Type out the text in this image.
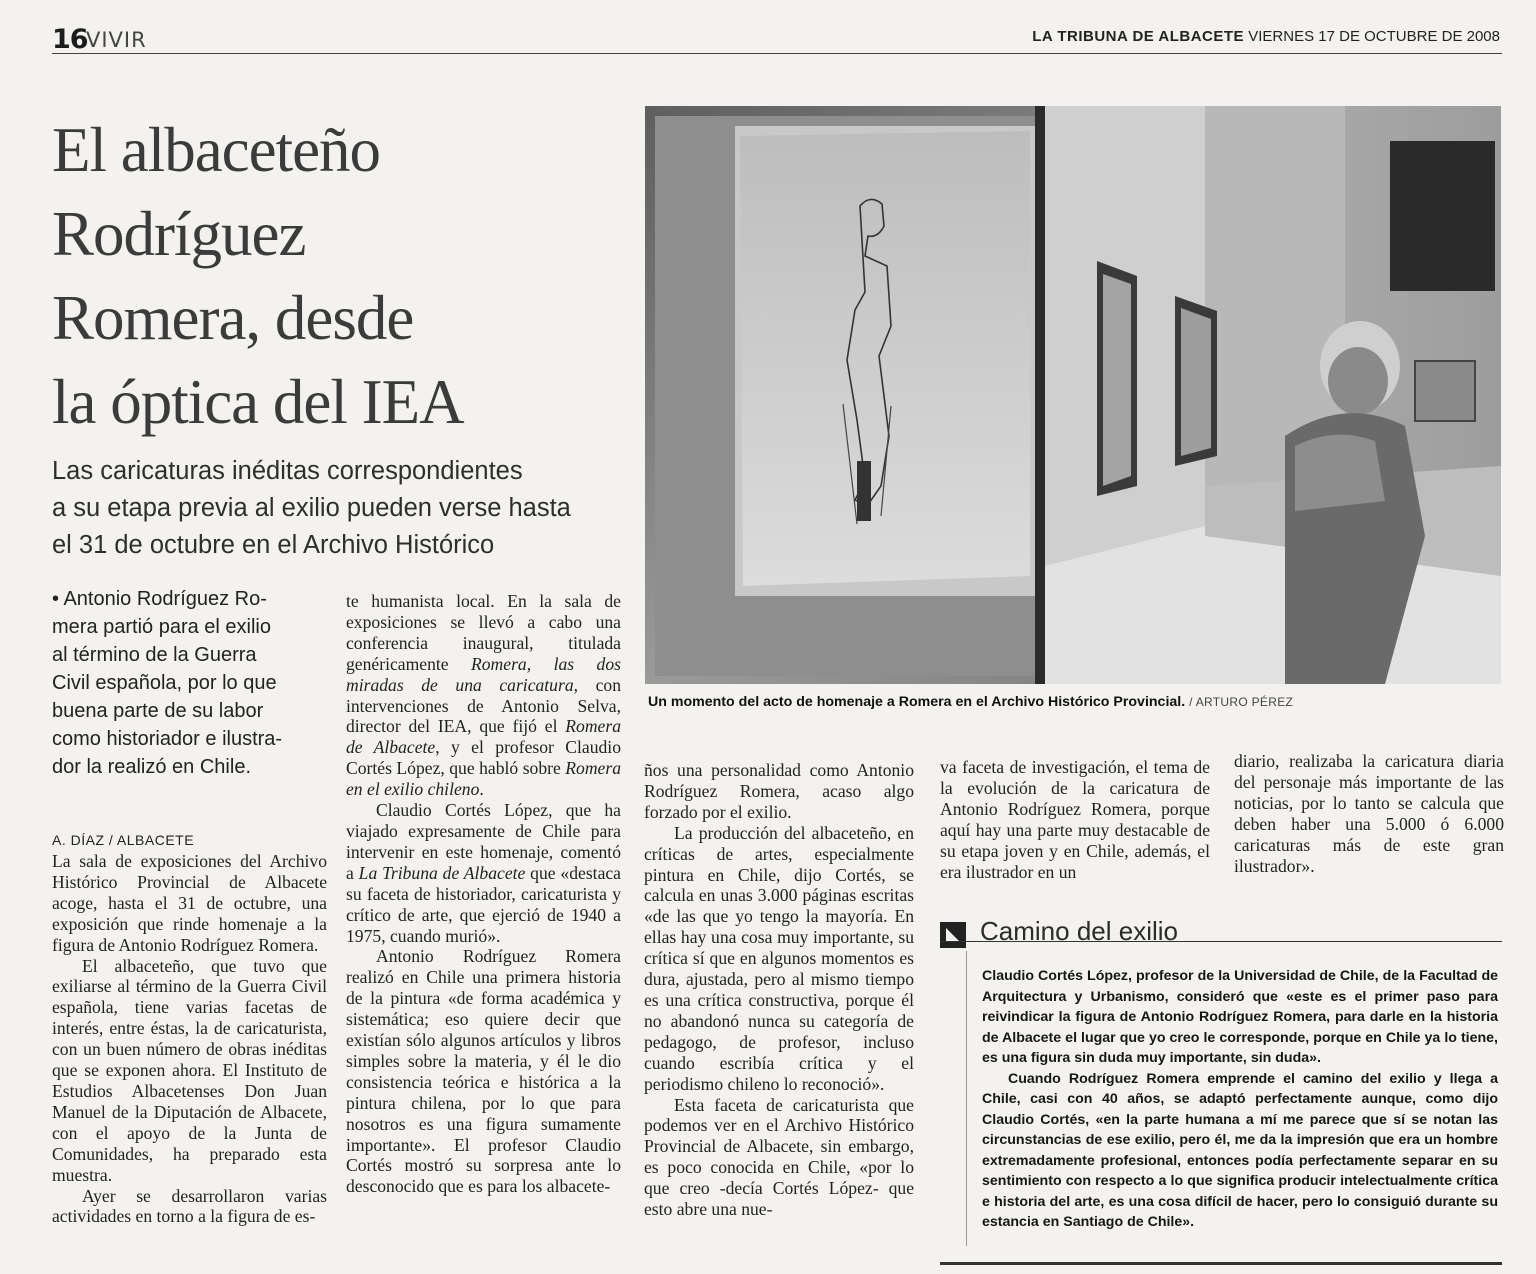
16
VIVIR	LA TRIBUNA DE ALBACETE VIERNES 17 DE OCTUBRE DE 2008
El albaceteño
Rodríguez
Romera, desde
la óptica del IEA
Las caricaturas inéditas correspondientes
a su etapa previa al exilio pueden verse hasta
el 31 de octubre en el Archivo Histórico
• Antonio Rodríguez Ro-
mera partió para el exilio
al término de la Guerra
Civil española, por lo que
buena parte de su labor
como historiador e ilustra-
dor la realizó en Chile.
A. DÍAZ / ALBACETE

La sala de exposiciones del Archivo Histórico Provincial de Albacete acoge, hasta el 31 de octubre, una exposición que rinde homenaje a la figura de Antonio Rodríguez Romera.

El albaceteño, que tuvo que exiliarse al término de la Guerra Civil española, tiene varias facetas de interés, entre éstas, la de caricaturista, con un buen número de obras inéditas que se exponen ahora. El Instituto de Estudios Albacetenses Don Juan Manuel de la Diputación de Albacete, con el apoyo de la Junta de Comunidades, ha preparado esta muestra.

Ayer se desarrollaron varias actividades en torno a la figura de es-

te humanista local. En la sala de exposiciones se llevó a cabo una conferencia inaugural, titulada genéricamente Romera, las dos miradas de una caricatura, con intervenciones de Antonio Selva, director del IEA, que fijó el Romera de Albacete, y el profesor Claudio Cortés López, que habló sobre Romera en el exilio chileno.

Claudio Cortés López, que ha viajado expresamente de Chile para intervenir en este homenaje, comentó a La Tribuna de Albacete que «destaca su faceta de historiador, caricaturista y crítico de arte, que ejerció de 1940 a 1975, cuando murió».

Antonio Rodríguez Romera realizó en Chile una primera historia de la pintura «de forma académica y sistemática; eso quiere decir que existían sólo algunos artículos y libros simples sobre la materia, y él le dio consistencia teórica e histórica a la pintura chilena, por lo que para nosotros es una figura sumamente importante». El profesor Claudio Cortés mostró su sorpresa ante lo desconocido que es para los albacete-

Un momento del acto de homenaje a Romera en el Archivo Histórico Provincial. / ARTURO PÉREZ

ños una personalidad como Antonio Rodríguez Romera, acaso algo forzado por el exilio.

La producción del albaceteño, en críticas de artes, especialmente pintura en Chile, dijo Cortés, se calcula en unas 3.000 páginas escritas «de las que yo tengo la mayoría. En ellas hay una cosa muy importante, su crítica sí que en algunos momentos es dura, ajustada, pero al mismo tiempo es una crítica constructiva, porque él no abandonó nunca su categoría de pedagogo, de profesor, incluso cuando escribía crítica y el periodismo chileno lo reconoció».

Esta faceta de caricaturista que podemos ver en el Archivo Histórico Provincial de Albacete, sin embargo, es poco conocida en Chile, «por lo que creo -decía Cortés López- que esto abre una nue-

va faceta de investigación, el tema de la evolución de la caricatura de Antonio Rodríguez Romera, porque aquí hay una parte muy destacable de su etapa joven y en Chile, además, el era ilustrador en un

diario, realizaba la caricatura diaria del personaje más importante de las noticias, por lo tanto se calcula que deben haber una 5.000 ó 6.000 caricaturas más de este gran ilustrador».

Camino del exilio

Claudio Cortés López, profesor de la Universidad de Chile, de la Facultad de Arquitectura y Urbanismo, consideró que «este es el primer paso para reivindicar la figura de Antonio Rodríguez Romera, para darle en la historia de Albacete el lugar que yo creo le corresponde, porque en Chile ya lo tiene, es una figura sin duda muy importante, sin duda».

Cuando Rodríguez Romera emprende el camino del exilio y llega a Chile, casi con 40 años, se adaptó perfectamente aunque, como dijo Claudio Cortés, «en la parte humana a mí me parece que sí se notan las circunstancias de ese exilio, pero él, me da la impresión que era un hombre extremadamente profesional, entonces podía perfectamente separar en su sentimiento con respecto a lo que significa producir intelectualmente crítica e historia del arte, es una cosa difícil de hacer, pero lo consiguió durante su estancia en Santiago de Chile».
